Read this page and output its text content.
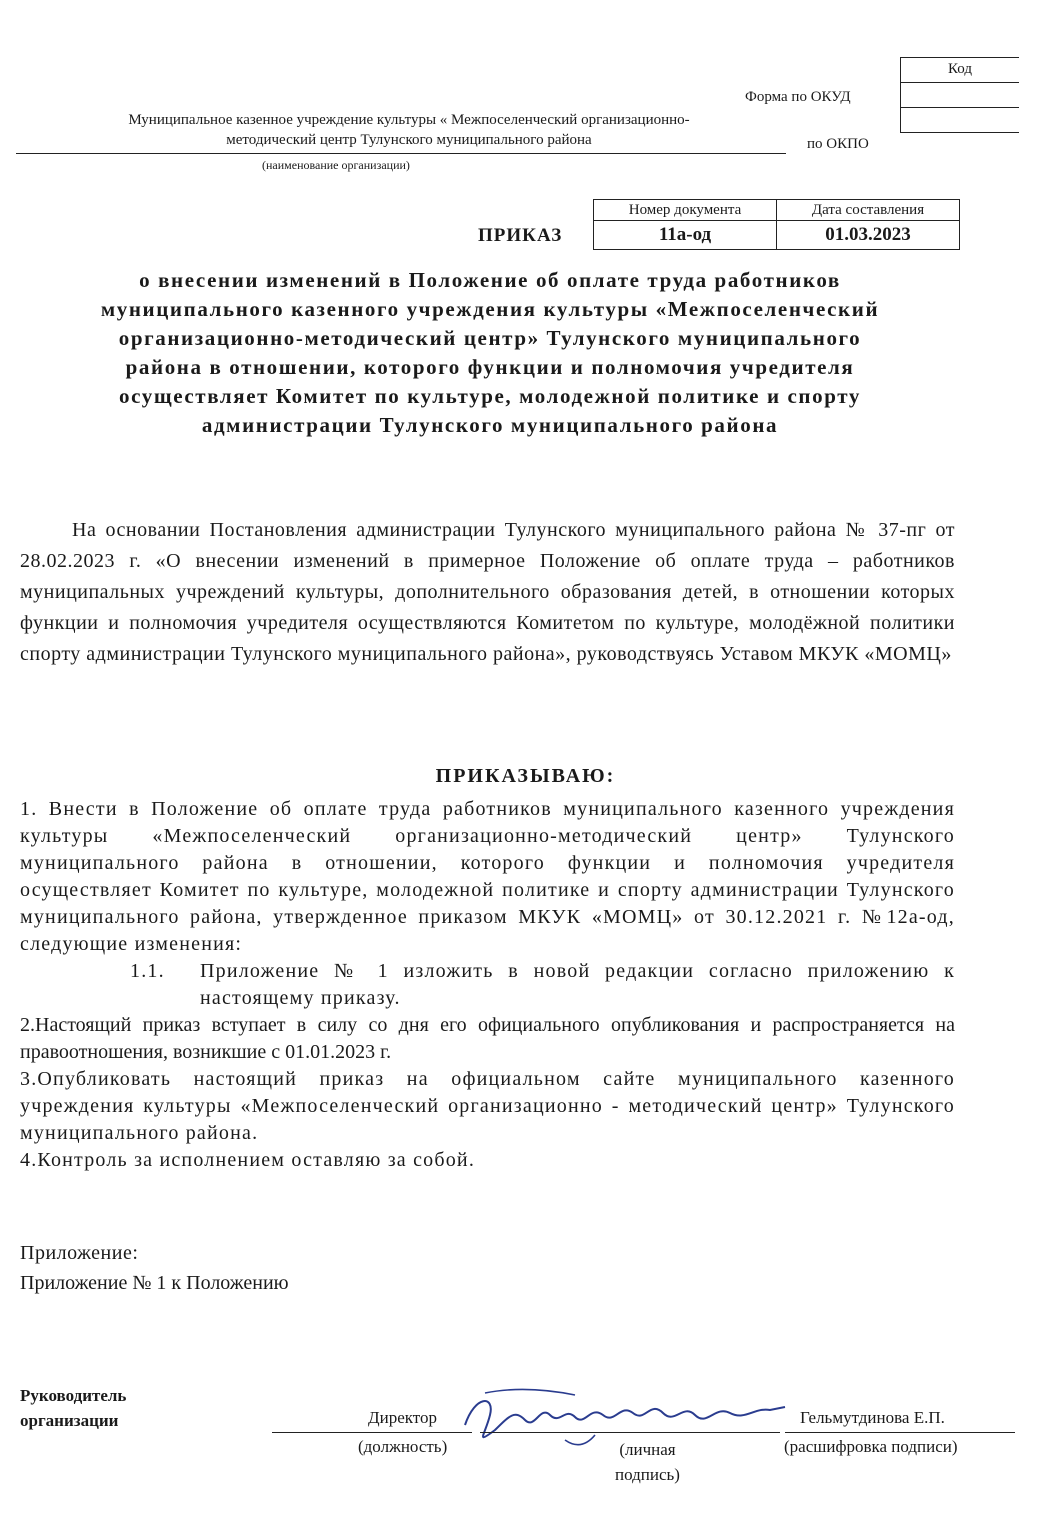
Код
Форма по ОКУД
по ОКПО
Муниципальное казенное учреждение культуры « Межпоселенческий организационно-
методический центр Тулунского муниципального района
(наименование организации)
ПРИКАЗ
Номер документа	Дата составления
11а-од	01.03.2023
о внесении изменений в Положение об оплате труда работников
муниципального казенного учреждения культуры «Межпоселенческий
организационно-методический центр» Тулунского муниципального
района в отношении, которого функции и полномочия учредителя
осуществляет Комитет по культуре, молодежной политике и спорту
администрации Тулунского муниципального района
На основании Постановления администрации Тулунского муниципального района № 37-пг от 28.02.2023 г. «О внесении изменений в примерное Положение об оплате труда – работников муниципальных учреждений культуры, дополнительного образования детей, в отношении которых функции и полномочия учредителя осуществляются Комитетом по культуре, молодёжной политики спорту администрации Тулунского муниципального района», руководствуясь Уставом МКУК «МОМЦ»
ПРИКАЗЫВАЮ:

1. Внести в Положение об оплате труда работников муниципального казенного учреждения культуры «Межпоселенческий организационно-методический центр» Тулунского муниципального района в отношении, которого функции и полномочия учредителя осуществляет Комитет по культуре, молодежной политике и спорту администрации Тулунского муниципального района, утвержденное приказом МКУК «МОМЦ» от 30.12.2021 г. №12а-од, следующие изменения:

1.1. Приложение № 1 изложить в новой редакции согласно приложению к настоящему приказу.

2.Настоящий приказ вступает в силу со дня его официального опубликования и распространяется на правоотношения, возникшие с 01.01.2023 г.

3.Опубликовать настоящий приказ на официальном сайте муниципального казенного учреждения культуры «Межпоселенческий организационно - методический центр» Тулунского муниципального района.

4.Контроль за исполнением оставляю за собой.

Приложение:
Приложение № 1 к Положению
Руководитель
организации	Директор
(должность)	(личная
подпись)
Гельмутдинова Е.П.
(расшифровка подписи)
